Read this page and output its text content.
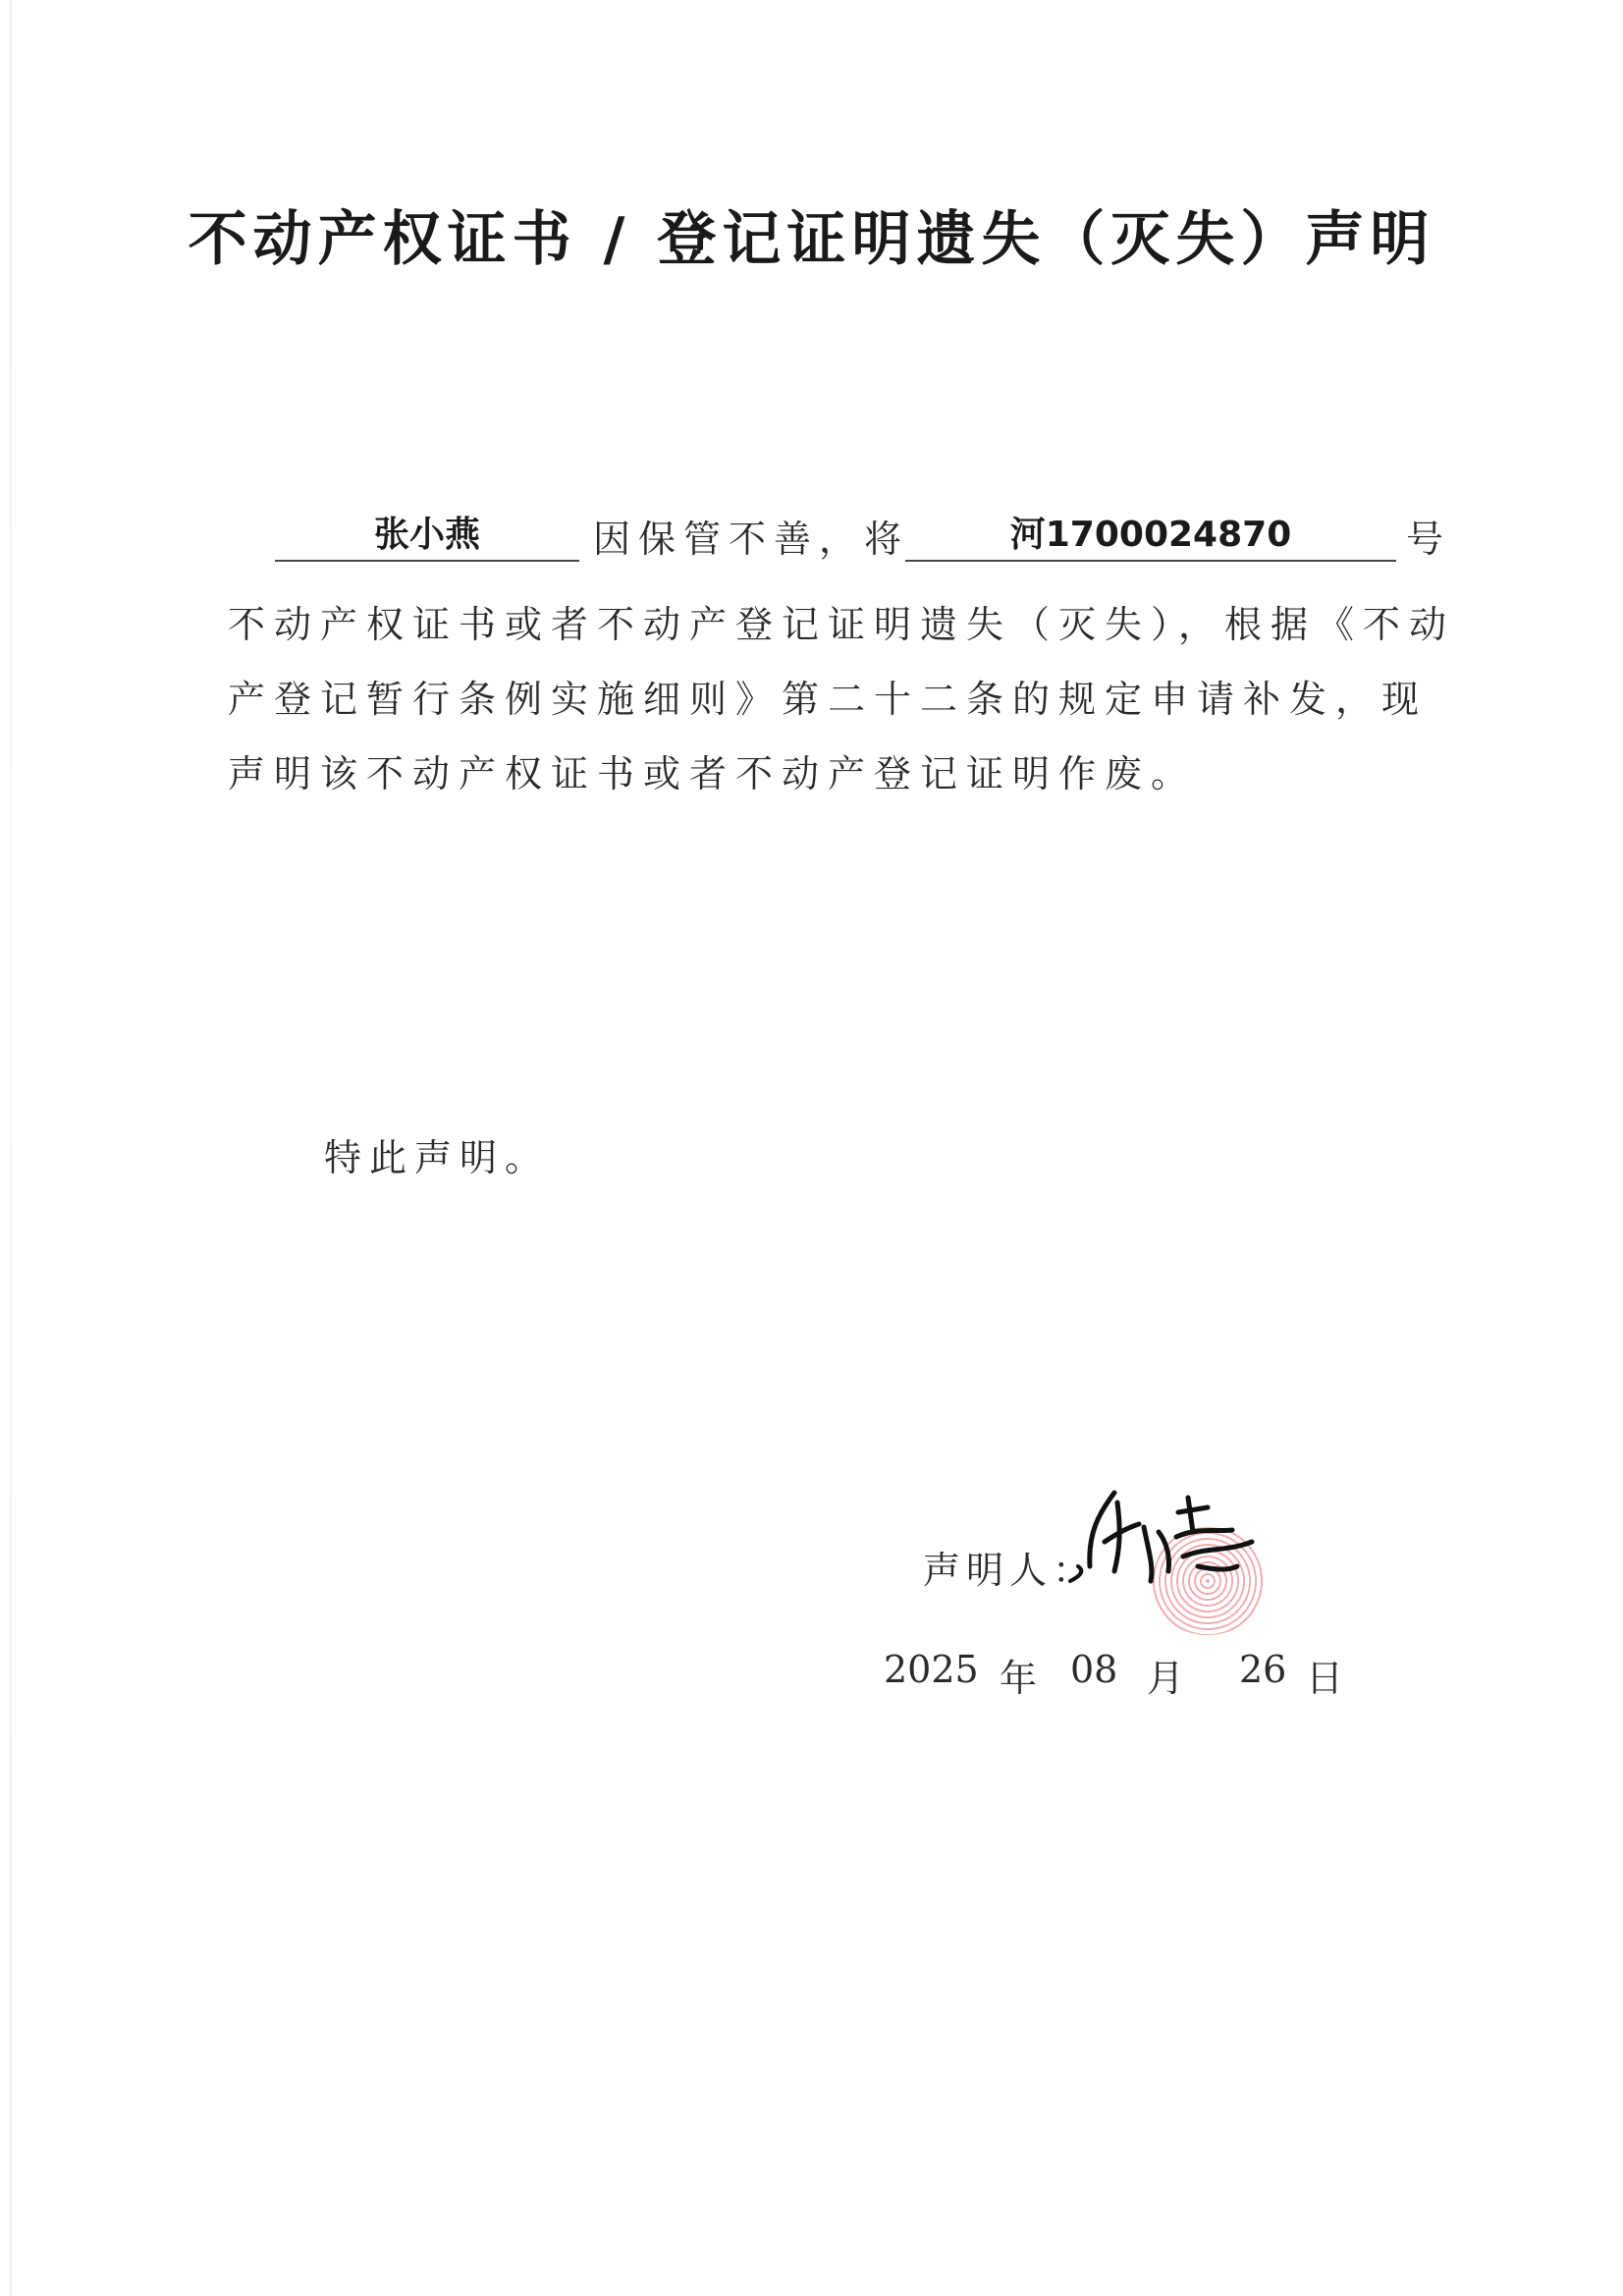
不动产权证书 / 登记证明遗失（灭失）声明
张小燕	因保管不善，将	河1700024870	号
不动产权证书或者不动产登记证明遗失（灭失），根据《不动产登记暂行条例实施细则》第二十二条的规定申请补发，现声明该不动产权证书或者不动产登记证明作废。
特此声明。
声明人：
2025 年 08 月 26 日
